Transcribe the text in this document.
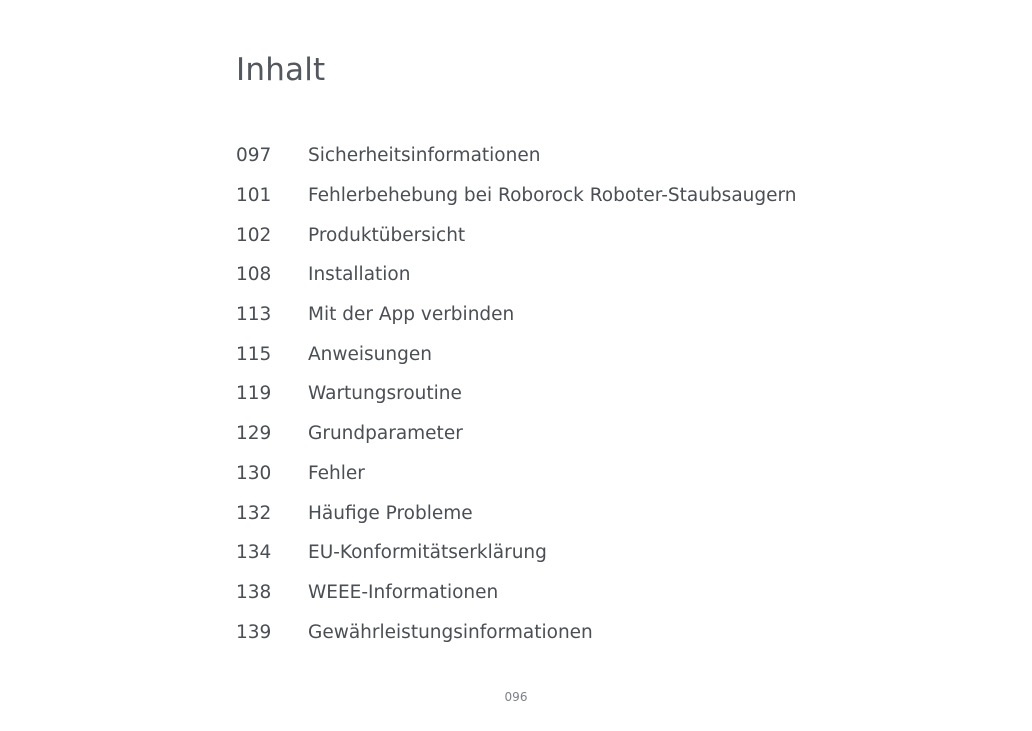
Inhalt
097	Sicherheitsinformationen
101	Fehlerbehebung bei Roborock Roboter-Staubsaugern
102	Produktübersicht
108	Installation
113	Mit der App verbinden
115	Anweisungen
119	Wartungsroutine
129	Grundparameter
130	Fehler
132	Häufige Probleme
134	EU-Konformitätserklärung
138	WEEE-Informationen
139	Gewährleistungsinformationen
096
